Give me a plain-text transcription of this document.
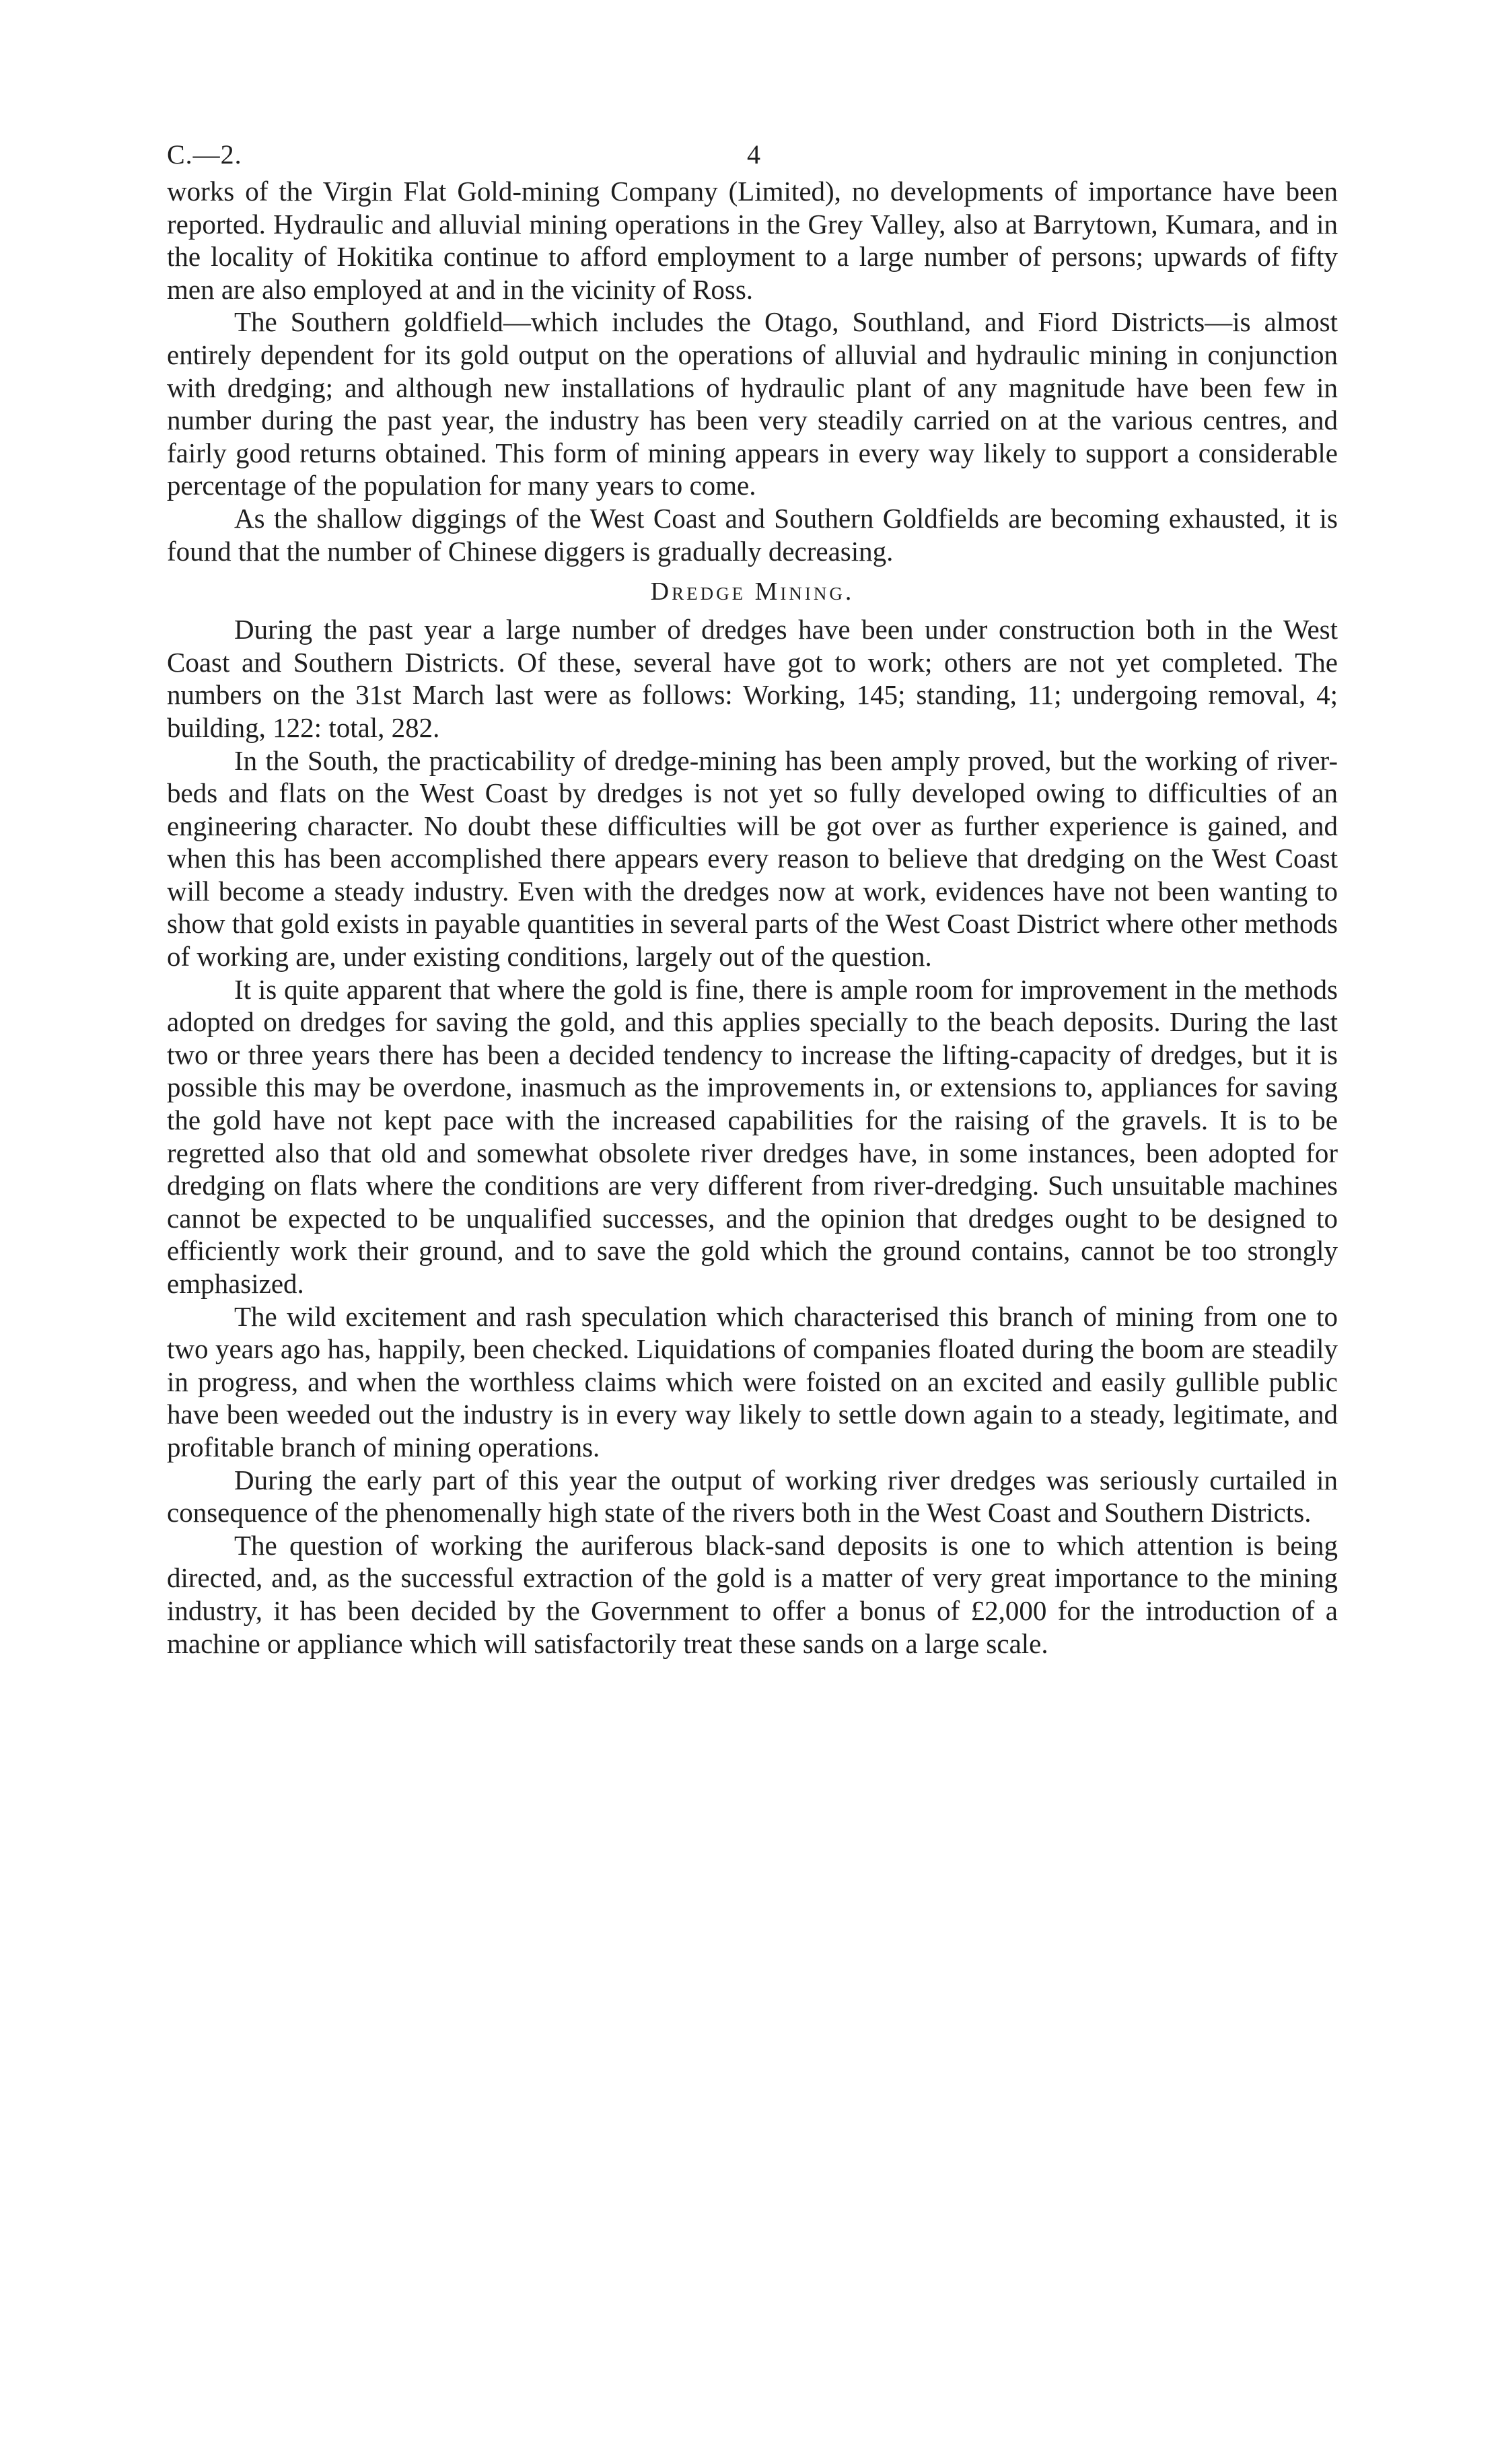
C.—2.	4

works of the Virgin Flat Gold-mining Company (Limited), no developments of importance have been reported. Hydraulic and alluvial mining operations in the Grey Valley, also at Barrytown, Kumara, and in the locality of Hokitika continue to afford employment to a large number of persons; upwards of fifty men are also employed at and in the vicinity of Ross.

The Southern goldfield—which includes the Otago, Southland, and Fiord Districts—is almost entirely dependent for its gold output on the operations of alluvial and hydraulic mining in conjunction with dredging; and although new installations of hydraulic plant of any magnitude have been few in number during the past year, the industry has been very steadily carried on at the various centres, and fairly good returns obtained. This form of mining appears in every way likely to support a considerable percentage of the population for many years to come.

As the shallow diggings of the West Coast and Southern Goldfields are becoming exhausted, it is found that the number of Chinese diggers is gradually decreasing.

Dredge Mining.

During the past year a large number of dredges have been under construction both in the West Coast and Southern Districts. Of these, several have got to work; others are not yet completed. The numbers on the 31st March last were as follows: Working, 145; standing, 11; undergoing removal, 4; building, 122: total, 282.

In the South, the practicability of dredge-mining has been amply proved, but the working of river-beds and flats on the West Coast by dredges is not yet so fully developed owing to difficulties of an engineering character. No doubt these difficulties will be got over as further experience is gained, and when this has been accomplished there appears every reason to believe that dredging on the West Coast will become a steady industry. Even with the dredges now at work, evidences have not been wanting to show that gold exists in payable quantities in several parts of the West Coast District where other methods of working are, under existing conditions, largely out of the question.

It is quite apparent that where the gold is fine, there is ample room for improvement in the methods adopted on dredges for saving the gold, and this applies specially to the beach deposits. During the last two or three years there has been a decided tendency to increase the lifting-capacity of dredges, but it is possible this may be overdone, inasmuch as the improvements in, or extensions to, appliances for saving the gold have not kept pace with the increased capabilities for the raising of the gravels. It is to be regretted also that old and somewhat obsolete river dredges have, in some instances, been adopted for dredging on flats where the conditions are very different from river-dredging. Such unsuitable machines cannot be expected to be unqualified successes, and the opinion that dredges ought to be designed to efficiently work their ground, and to save the gold which the ground contains, cannot be too strongly emphasized.

The wild excitement and rash speculation which characterised this branch of mining from one to two years ago has, happily, been checked. Liquidations of companies floated during the boom are steadily in progress, and when the worthless claims which were foisted on an excited and easily gullible public have been weeded out the industry is in every way likely to settle down again to a steady, legitimate, and profitable branch of mining operations.

During the early part of this year the output of working river dredges was seriously curtailed in consequence of the phenomenally high state of the rivers both in the West Coast and Southern Districts.

The question of working the auriferous black-sand deposits is one to which attention is being directed, and, as the successful extraction of the gold is a matter of very great importance to the mining industry, it has been decided by the Government to offer a bonus of £2,000 for the introduction of a machine or appliance which will satisfactorily treat these sands on a large scale.
